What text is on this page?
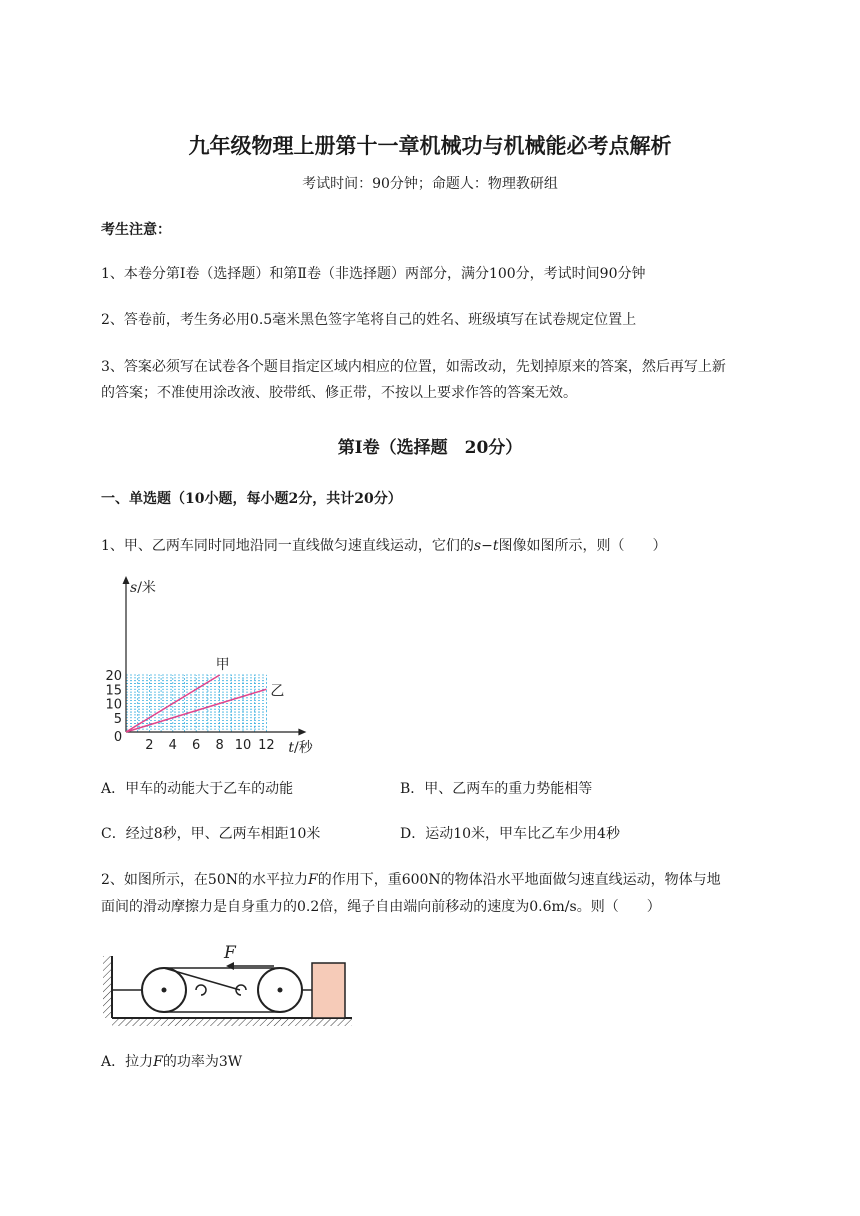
九年级物理上册第十一章机械功与机械能必考点解析
考试时间：90分钟；命题人：物理教研组
考生注意：
1、本卷分第Ⅰ卷（选择题）和第Ⅱ卷（非选择题）两部分，满分100分，考试时间90分钟
2、答卷前，考生务必用0.5毫米黑色签字笔将自己的姓名、班级填写在试卷规定位置上
3、答案必须写在试卷各个题目指定区域内相应的位置，如需改动，先划掉原来的答案，然后再写上新
的答案；不准使用涂改液、胶带纸、修正带，不按以上要求作答的答案无效。
第Ⅰ卷（选择题　20分）
一、单选题（10小题，每小题2分，共计20分）
1、甲、乙两车同时同地沿同一直线做匀速直线运动，它们的s−t图像如图所示，则（　　）
甲
乙
2 4 6 8 10 12
5
10
15
20
0
s/米
t/秒
A．甲车的动能大于乙车的动能	B．甲、乙两车的重力势能相等
C．经过8秒，甲、乙两车相距10米	D．运动10米，甲车比乙车少用4秒
2、如图所示，在50N的水平拉力F的作用下，重600N的物体沿水平地面做匀速直线运动，物体与地
面间的滑动摩擦力是自身重力的0.2倍，绳子自由端向前移动的速度为0.6m/s。则（　　）
F
A．拉力F的功率为3W
